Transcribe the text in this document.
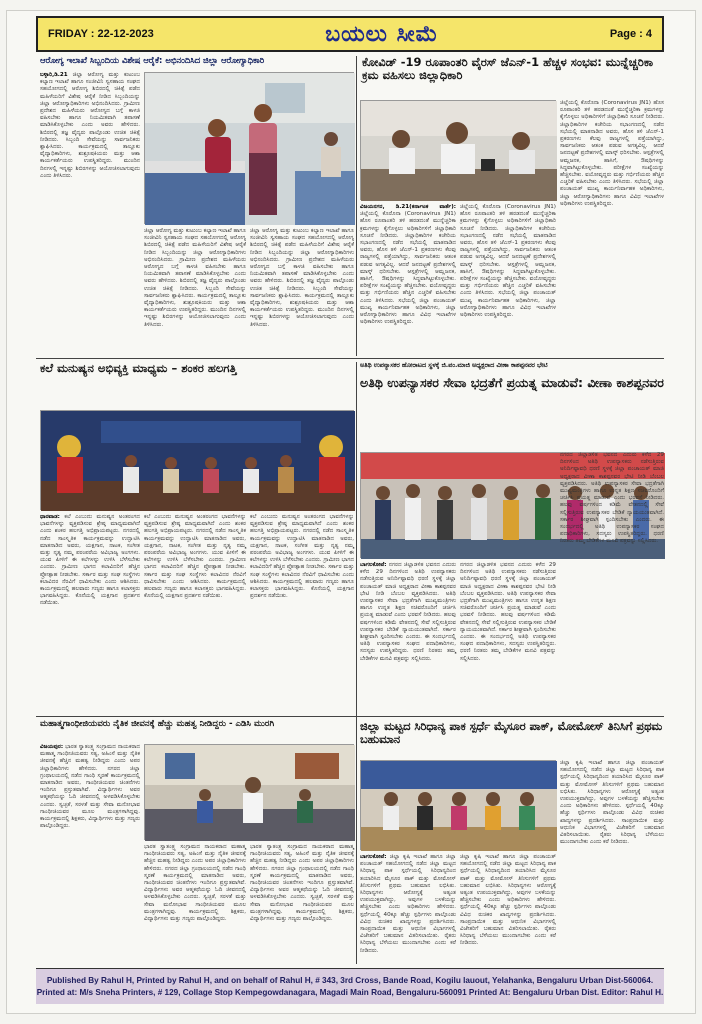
FRIDAY : 22-12-2023	ಬಯಲು ಸೀಮೆ	Page : 4
ಆರೋಗ್ಯ ಇಲಾಖೆ ಸಿಬ್ಬಂದಿಯ ವಿಶೇಷ ಆರೈಕೆ: ಅಭಿನಂದಿಸಿದ ಜಿಲ್ಲಾ ಆರೋಗ್ಯಾಧಿಕಾರಿ
ಬಳ್ಳಾರಿ,ಡಿ.21 ಜಿಲ್ಲಾ ಆರೋಗ್ಯ ಮತ್ತು ಕುಟುಂಬ ಕಲ್ಯಾಣ ಇಲಾಖೆ ಹಾಗೂ ಸಂಜೀವಿನಿ ಸ್ವಸಹಾಯ ಸಂಘದ ಸಹಯೋಗದಲ್ಲಿ ಆರೋಗ್ಯ ಶಿಬಿರದಲ್ಲಿ ಚಿಕಿತ್ಸೆ ಪಡೆದ ಮಹಿಳೆಯರಿಗೆ ವಿಶೇಷ ಆರೈಕೆ ನೀಡಿದ ಸಿಬ್ಬಂದಿಯನ್ನು ಜಿಲ್ಲಾ ಆರೋಗ್ಯಾಧಿಕಾರಿಗಳು ಅಭಿನಂದಿಸಿದರು. ಗ್ರಾಮೀಣ ಪ್ರದೇಶದ ಮಹಿಳೆಯರು ಆರೋಗ್ಯದ ಬಗ್ಗೆ ಕಾಳಜಿ ವಹಿಸಬೇಕು ಹಾಗೂ ನಿಯಮಿತವಾಗಿ ತಪಾಸಣೆ ಮಾಡಿಸಿಕೊಳ್ಳಬೇಕು ಎಂದು ಅವರು ಹೇಳಿದರು. ಶಿಬಿರದಲ್ಲಿ ತಜ್ಞ ವೈದ್ಯರು ಪಾಲ್ಗೊಂಡು ಉಚಿತ ಚಿಕಿತ್ಸೆ ನೀಡಿದರು. ಸಿಬ್ಬಂದಿ ಸೇವೆಯನ್ನು ಸಾರ್ವಜನಿಕರು ಶ್ಲಾಘಿಸಿದರು. ಕಾರ್ಯಕ್ರಮದಲ್ಲಿ ತಾಲ್ಲೂಕು ವೈದ್ಯಾಧಿಕಾರಿಗಳು, ಶುಶ್ರೂಷಕಿಯರು ಮತ್ತು ಆಶಾ ಕಾರ್ಯಕರ್ತೆಯರು ಉಪಸ್ಥಿತರಿದ್ದರು. ಮುಂದಿನ ದಿನಗಳಲ್ಲಿ ಇನ್ನಷ್ಟು ಶಿಬಿರಗಳನ್ನು ಆಯೋಜಿಸಲಾಗುವುದು ಎಂದು ತಿಳಿಸಿದರು.
ಜಿಲ್ಲಾ ಆರೋಗ್ಯ ಮತ್ತು ಕುಟುಂಬ ಕಲ್ಯಾಣ ಇಲಾಖೆ ಹಾಗೂ ಸಂಜೀವಿನಿ ಸ್ವಸಹಾಯ ಸಂಘದ ಸಹಯೋಗದಲ್ಲಿ ಆರೋಗ್ಯ ಶಿಬಿರದಲ್ಲಿ ಚಿಕಿತ್ಸೆ ಪಡೆದ ಮಹಿಳೆಯರಿಗೆ ವಿಶೇಷ ಆರೈಕೆ ನೀಡಿದ ಸಿಬ್ಬಂದಿಯನ್ನು ಜಿಲ್ಲಾ ಆರೋಗ್ಯಾಧಿಕಾರಿಗಳು ಅಭಿನಂದಿಸಿದರು. ಗ್ರಾಮೀಣ ಪ್ರದೇಶದ ಮಹಿಳೆಯರು ಆರೋಗ್ಯದ ಬಗ್ಗೆ ಕಾಳಜಿ ವಹಿಸಬೇಕು ಹಾಗೂ ನಿಯಮಿತವಾಗಿ ತಪಾಸಣೆ ಮಾಡಿಸಿಕೊಳ್ಳಬೇಕು ಎಂದು ಅವರು ಹೇಳಿದರು. ಶಿಬಿರದಲ್ಲಿ ತಜ್ಞ ವೈದ್ಯರು ಪಾಲ್ಗೊಂಡು ಉಚಿತ ಚಿಕಿತ್ಸೆ ನೀಡಿದರು. ಸಿಬ್ಬಂದಿ ಸೇವೆಯನ್ನು ಸಾರ್ವಜನಿಕರು ಶ್ಲಾಘಿಸಿದರು. ಕಾರ್ಯಕ್ರಮದಲ್ಲಿ ತಾಲ್ಲೂಕು ವೈದ್ಯಾಧಿಕಾರಿಗಳು, ಶುಶ್ರೂಷಕಿಯರು ಮತ್ತು ಆಶಾ ಕಾರ್ಯಕರ್ತೆಯರು ಉಪಸ್ಥಿತರಿದ್ದರು. ಮುಂದಿನ ದಿನಗಳಲ್ಲಿ ಇನ್ನಷ್ಟು ಶಿಬಿರಗಳನ್ನು ಆಯೋಜಿಸಲಾಗುವುದು ಎಂದು ತಿಳಿಸಿದರು.
ಜಿಲ್ಲಾ ಆರೋಗ್ಯ ಮತ್ತು ಕುಟುಂಬ ಕಲ್ಯಾಣ ಇಲಾಖೆ ಹಾಗೂ ಸಂಜೀವಿನಿ ಸ್ವಸಹಾಯ ಸಂಘದ ಸಹಯೋಗದಲ್ಲಿ ಆರೋಗ್ಯ ಶಿಬಿರದಲ್ಲಿ ಚಿಕಿತ್ಸೆ ಪಡೆದ ಮಹಿಳೆಯರಿಗೆ ವಿಶೇಷ ಆರೈಕೆ ನೀಡಿದ ಸಿಬ್ಬಂದಿಯನ್ನು ಜಿಲ್ಲಾ ಆರೋಗ್ಯಾಧಿಕಾರಿಗಳು ಅಭಿನಂದಿಸಿದರು. ಗ್ರಾಮೀಣ ಪ್ರದೇಶದ ಮಹಿಳೆಯರು ಆರೋಗ್ಯದ ಬಗ್ಗೆ ಕಾಳಜಿ ವಹಿಸಬೇಕು ಹಾಗೂ ನಿಯಮಿತವಾಗಿ ತಪಾಸಣೆ ಮಾಡಿಸಿಕೊಳ್ಳಬೇಕು ಎಂದು ಅವರು ಹೇಳಿದರು. ಶಿಬಿರದಲ್ಲಿ ತಜ್ಞ ವೈದ್ಯರು ಪಾಲ್ಗೊಂಡು ಉಚಿತ ಚಿಕಿತ್ಸೆ ನೀಡಿದರು. ಸಿಬ್ಬಂದಿ ಸೇವೆಯನ್ನು ಸಾರ್ವಜನಿಕರು ಶ್ಲಾಘಿಸಿದರು. ಕಾರ್ಯಕ್ರಮದಲ್ಲಿ ತಾಲ್ಲೂಕು ವೈದ್ಯಾಧಿಕಾರಿಗಳು, ಶುಶ್ರೂಷಕಿಯರು ಮತ್ತು ಆಶಾ ಕಾರ್ಯಕರ್ತೆಯರು ಉಪಸ್ಥಿತರಿದ್ದರು. ಮುಂದಿನ ದಿನಗಳಲ್ಲಿ ಇನ್ನಷ್ಟು ಶಿಬಿರಗಳನ್ನು ಆಯೋಜಿಸಲಾಗುವುದು ಎಂದು ತಿಳಿಸಿದರು.
ಕೋವಿಡ್ -19 ರೂಪಾಂತರಿ ವೈರಸ್ ಜೆಎನ್-1 ಹೆಚ್ಚಳ ಸಂಭವ: ಮುನ್ನೆಚ್ಚರಿಕಾ ಕ್ರಮ ವಹಿಸಲು ಜಿಲ್ಲಾಧಿಕಾರಿ
ಜಿಲ್ಲೆಯಲ್ಲಿ ಕೊರೊನಾ (Coronavirus JN1) ಹೊಸ ರೂಪಾಂತರಿ ತಳಿ ಹರಡದಂತೆ ಮುನ್ನೆಚ್ಚರಿಕಾ ಕ್ರಮಗಳನ್ನು ಕೈಗೊಳ್ಳಲು ಅಧಿಕಾರಿಗಳಿಗೆ ಜಿಲ್ಲಾಧಿಕಾರಿ ಸೂಚನೆ ನೀಡಿದರು. ಜಿಲ್ಲಾಧಿಕಾರಿಗಳ ಕಚೇರಿಯ ಸಭಾಂಗಣದಲ್ಲಿ ನಡೆದ ಸಭೆಯಲ್ಲಿ ಮಾತನಾಡಿದ ಅವರು, ಹೊಸ ತಳಿ ಜೆಎನ್-1 ಪ್ರಕರಣಗಳು ಕೆಲವು ರಾಜ್ಯಗಳಲ್ಲಿ ಪತ್ತೆಯಾಗಿದ್ದು, ಸಾರ್ವಜನಿಕರು ಆತಂಕ ಪಡುವ ಅಗತ್ಯವಿಲ್ಲ. ಆದರೆ ಜನದಟ್ಟಣೆ ಪ್ರದೇಶಗಳಲ್ಲಿ ಮಾಸ್ಕ್ ಧರಿಸಬೇಕು. ಆಸ್ಪತ್ರೆಗಳಲ್ಲಿ ಆಮ್ಲಜನಕ, ಹಾಸಿಗೆ, ಔಷಧಿಗಳನ್ನು ಸಿದ್ಧವಾಗಿಟ್ಟುಕೊಳ್ಳಬೇಕು. ಪರೀಕ್ಷೆಗಳ ಸಂಖ್ಯೆಯನ್ನು ಹೆಚ್ಚಿಸಬೇಕು. ವಯೋವೃದ್ಧರು ಮತ್ತು ಗರ್ಭಿಣಿಯರು ಹೆಚ್ಚಿನ ಎಚ್ಚರಿಕೆ ವಹಿಸಬೇಕು ಎಂದು ತಿಳಿಸಿದರು. ಸಭೆಯಲ್ಲಿ ಜಿಲ್ಲಾ ಪಂಚಾಯತ್ ಮುಖ್ಯ ಕಾರ್ಯನಿರ್ವಾಹಕ ಅಧಿಕಾರಿಗಳು, ಜಿಲ್ಲಾ ಆರೋಗ್ಯಾಧಿಕಾರಿಗಳು ಹಾಗೂ ವಿವಿಧ ಇಲಾಖೆಗಳ ಅಧಿಕಾರಿಗಳು ಉಪಸ್ಥಿತರಿದ್ದರು.
ವಿಜಯನಗರ, ಡಿ.21(ಕರ್ನಾಟಕ ವಾರ್ತೆ): ಜಿಲ್ಲೆಯಲ್ಲಿ ಕೊರೊನಾ (Coronavirus JN1) ಹೊಸ ರೂಪಾಂತರಿ ತಳಿ ಹರಡದಂತೆ ಮುನ್ನೆಚ್ಚರಿಕಾ ಕ್ರಮಗಳನ್ನು ಕೈಗೊಳ್ಳಲು ಅಧಿಕಾರಿಗಳಿಗೆ ಜಿಲ್ಲಾಧಿಕಾರಿ ಸೂಚನೆ ನೀಡಿದರು. ಜಿಲ್ಲಾಧಿಕಾರಿಗಳ ಕಚೇರಿಯ ಸಭಾಂಗಣದಲ್ಲಿ ನಡೆದ ಸಭೆಯಲ್ಲಿ ಮಾತನಾಡಿದ ಅವರು, ಹೊಸ ತಳಿ ಜೆಎನ್-1 ಪ್ರಕರಣಗಳು ಕೆಲವು ರಾಜ್ಯಗಳಲ್ಲಿ ಪತ್ತೆಯಾಗಿದ್ದು, ಸಾರ್ವಜನಿಕರು ಆತಂಕ ಪಡುವ ಅಗತ್ಯವಿಲ್ಲ. ಆದರೆ ಜನದಟ್ಟಣೆ ಪ್ರದೇಶಗಳಲ್ಲಿ ಮಾಸ್ಕ್ ಧರಿಸಬೇಕು. ಆಸ್ಪತ್ರೆಗಳಲ್ಲಿ ಆಮ್ಲಜನಕ, ಹಾಸಿಗೆ, ಔಷಧಿಗಳನ್ನು ಸಿದ್ಧವಾಗಿಟ್ಟುಕೊಳ್ಳಬೇಕು. ಪರೀಕ್ಷೆಗಳ ಸಂಖ್ಯೆಯನ್ನು ಹೆಚ್ಚಿಸಬೇಕು. ವಯೋವೃದ್ಧರು ಮತ್ತು ಗರ್ಭಿಣಿಯರು ಹೆಚ್ಚಿನ ಎಚ್ಚರಿಕೆ ವಹಿಸಬೇಕು ಎಂದು ತಿಳಿಸಿದರು. ಸಭೆಯಲ್ಲಿ ಜಿಲ್ಲಾ ಪಂಚಾಯತ್ ಮುಖ್ಯ ಕಾರ್ಯನಿರ್ವಾಹಕ ಅಧಿಕಾರಿಗಳು, ಜಿಲ್ಲಾ ಆರೋಗ್ಯಾಧಿಕಾರಿಗಳು ಹಾಗೂ ವಿವಿಧ ಇಲಾಖೆಗಳ ಅಧಿಕಾರಿಗಳು ಉಪಸ್ಥಿತರಿದ್ದರು.
ಜಿಲ್ಲೆಯಲ್ಲಿ ಕೊರೊನಾ (Coronavirus JN1) ಹೊಸ ರೂಪಾಂತರಿ ತಳಿ ಹರಡದಂತೆ ಮುನ್ನೆಚ್ಚರಿಕಾ ಕ್ರಮಗಳನ್ನು ಕೈಗೊಳ್ಳಲು ಅಧಿಕಾರಿಗಳಿಗೆ ಜಿಲ್ಲಾಧಿಕಾರಿ ಸೂಚನೆ ನೀಡಿದರು. ಜಿಲ್ಲಾಧಿಕಾರಿಗಳ ಕಚೇರಿಯ ಸಭಾಂಗಣದಲ್ಲಿ ನಡೆದ ಸಭೆಯಲ್ಲಿ ಮಾತನಾಡಿದ ಅವರು, ಹೊಸ ತಳಿ ಜೆಎನ್-1 ಪ್ರಕರಣಗಳು ಕೆಲವು ರಾಜ್ಯಗಳಲ್ಲಿ ಪತ್ತೆಯಾಗಿದ್ದು, ಸಾರ್ವಜನಿಕರು ಆತಂಕ ಪಡುವ ಅಗತ್ಯವಿಲ್ಲ. ಆದರೆ ಜನದಟ್ಟಣೆ ಪ್ರದೇಶಗಳಲ್ಲಿ ಮಾಸ್ಕ್ ಧರಿಸಬೇಕು. ಆಸ್ಪತ್ರೆಗಳಲ್ಲಿ ಆಮ್ಲಜನಕ, ಹಾಸಿಗೆ, ಔಷಧಿಗಳನ್ನು ಸಿದ್ಧವಾಗಿಟ್ಟುಕೊಳ್ಳಬೇಕು. ಪರೀಕ್ಷೆಗಳ ಸಂಖ್ಯೆಯನ್ನು ಹೆಚ್ಚಿಸಬೇಕು. ವಯೋವೃದ್ಧರು ಮತ್ತು ಗರ್ಭಿಣಿಯರು ಹೆಚ್ಚಿನ ಎಚ್ಚರಿಕೆ ವಹಿಸಬೇಕು ಎಂದು ತಿಳಿಸಿದರು. ಸಭೆಯಲ್ಲಿ ಜಿಲ್ಲಾ ಪಂಚಾಯತ್ ಮುಖ್ಯ ಕಾರ್ಯನಿರ್ವಾಹಕ ಅಧಿಕಾರಿಗಳು, ಜಿಲ್ಲಾ ಆರೋಗ್ಯಾಧಿಕಾರಿಗಳು ಹಾಗೂ ವಿವಿಧ ಇಲಾಖೆಗಳ ಅಧಿಕಾರಿಗಳು ಉಪಸ್ಥಿತರಿದ್ದರು.
ಕಲೆ ಮನುಷ್ಯನ ಅಭಿವ್ಯಕ್ತಿ ಮಾಧ್ಯಮ – ಶಂಕರ ಹಲಗತ್ತಿ
ಧಾರವಾಡ: ಕಲೆ ಎಂಬುದು ಮನುಷ್ಯನ ಅಂತರಂಗದ ಭಾವನೆಗಳನ್ನು ವ್ಯಕ್ತಪಡಿಸುವ ಶ್ರೇಷ್ಠ ಮಾಧ್ಯಮವಾಗಿದೆ ಎಂದು ಶಂಕರ ಹಲಗತ್ತಿ ಅಭಿಪ್ರಾಯಪಟ್ಟರು. ನಗರದಲ್ಲಿ ನಡೆದ ಸಾಂಸ್ಕೃತಿಕ ಕಾರ್ಯಕ್ರಮವನ್ನು ಉದ್ಘಾಟಿಸಿ ಮಾತನಾಡಿದ ಅವರು, ಯಕ್ಷಗಾನ, ನಾಟಕ, ಸಂಗೀತ ಮತ್ತು ನೃತ್ಯ ನಮ್ಮ ಪರಂಪರೆಯ ಅವಿಭಾಜ್ಯ ಅಂಗಗಳು. ಯುವ ಪೀಳಿಗೆ ಈ ಕಲೆಗಳನ್ನು ಉಳಿಸಿ ಬೆಳೆಸಬೇಕು ಎಂದರು. ಗ್ರಾಮೀಣ ಭಾಗದ ಕಲಾವಿದರಿಗೆ ಹೆಚ್ಚಿನ ಪ್ರೋತ್ಸಾಹ ನೀಡಬೇಕು. ಸರ್ಕಾರ ಮತ್ತು ಸಂಘ ಸಂಸ್ಥೆಗಳು ಕಲಾವಿದರ ನೆರವಿಗೆ ಧಾವಿಸಬೇಕು ಎಂದು ಆಶಿಸಿದರು. ಕಾರ್ಯಕ್ರಮದಲ್ಲಿ ಹಲವಾರು ಗಣ್ಯರು ಹಾಗೂ ಕಲಾಸಕ್ತರು ಭಾಗವಹಿಸಿದ್ದರು. ಕೊನೆಯಲ್ಲಿ ಯಕ್ಷಗಾನ ಪ್ರದರ್ಶನ ನಡೆಯಿತು.
ಕಲೆ ಎಂಬುದು ಮನುಷ್ಯನ ಅಂತರಂಗದ ಭಾವನೆಗಳನ್ನು ವ್ಯಕ್ತಪಡಿಸುವ ಶ್ರೇಷ್ಠ ಮಾಧ್ಯಮವಾಗಿದೆ ಎಂದು ಶಂಕರ ಹಲಗತ್ತಿ ಅಭಿಪ್ರಾಯಪಟ್ಟರು. ನಗರದಲ್ಲಿ ನಡೆದ ಸಾಂಸ್ಕೃತಿಕ ಕಾರ್ಯಕ್ರಮವನ್ನು ಉದ್ಘಾಟಿಸಿ ಮಾತನಾಡಿದ ಅವರು, ಯಕ್ಷಗಾನ, ನಾಟಕ, ಸಂಗೀತ ಮತ್ತು ನೃತ್ಯ ನಮ್ಮ ಪರಂಪರೆಯ ಅವಿಭಾಜ್ಯ ಅಂಗಗಳು. ಯುವ ಪೀಳಿಗೆ ಈ ಕಲೆಗಳನ್ನು ಉಳಿಸಿ ಬೆಳೆಸಬೇಕು ಎಂದರು. ಗ್ರಾಮೀಣ ಭಾಗದ ಕಲಾವಿದರಿಗೆ ಹೆಚ್ಚಿನ ಪ್ರೋತ್ಸಾಹ ನೀಡಬೇಕು. ಸರ್ಕಾರ ಮತ್ತು ಸಂಘ ಸಂಸ್ಥೆಗಳು ಕಲಾವಿದರ ನೆರವಿಗೆ ಧಾವಿಸಬೇಕು ಎಂದು ಆಶಿಸಿದರು. ಕಾರ್ಯಕ್ರಮದಲ್ಲಿ ಹಲವಾರು ಗಣ್ಯರು ಹಾಗೂ ಕಲಾಸಕ್ತರು ಭಾಗವಹಿಸಿದ್ದರು. ಕೊನೆಯಲ್ಲಿ ಯಕ್ಷಗಾನ ಪ್ರದರ್ಶನ ನಡೆಯಿತು.
ಕಲೆ ಎಂಬುದು ಮನುಷ್ಯನ ಅಂತರಂಗದ ಭಾವನೆಗಳನ್ನು ವ್ಯಕ್ತಪಡಿಸುವ ಶ್ರೇಷ್ಠ ಮಾಧ್ಯಮವಾಗಿದೆ ಎಂದು ಶಂಕರ ಹಲಗತ್ತಿ ಅಭಿಪ್ರಾಯಪಟ್ಟರು. ನಗರದಲ್ಲಿ ನಡೆದ ಸಾಂಸ್ಕೃತಿಕ ಕಾರ್ಯಕ್ರಮವನ್ನು ಉದ್ಘಾಟಿಸಿ ಮಾತನಾಡಿದ ಅವರು, ಯಕ್ಷಗಾನ, ನಾಟಕ, ಸಂಗೀತ ಮತ್ತು ನೃತ್ಯ ನಮ್ಮ ಪರಂಪರೆಯ ಅವಿಭಾಜ್ಯ ಅಂಗಗಳು. ಯುವ ಪೀಳಿಗೆ ಈ ಕಲೆಗಳನ್ನು ಉಳಿಸಿ ಬೆಳೆಸಬೇಕು ಎಂದರು. ಗ್ರಾಮೀಣ ಭಾಗದ ಕಲಾವಿದರಿಗೆ ಹೆಚ್ಚಿನ ಪ್ರೋತ್ಸಾಹ ನೀಡಬೇಕು. ಸರ್ಕಾರ ಮತ್ತು ಸಂಘ ಸಂಸ್ಥೆಗಳು ಕಲಾವಿದರ ನೆರವಿಗೆ ಧಾವಿಸಬೇಕು ಎಂದು ಆಶಿಸಿದರು. ಕಾರ್ಯಕ್ರಮದಲ್ಲಿ ಹಲವಾರು ಗಣ್ಯರು ಹಾಗೂ ಕಲಾಸಕ್ತರು ಭಾಗವಹಿಸಿದ್ದರು. ಕೊನೆಯಲ್ಲಿ ಯಕ್ಷಗಾನ ಪ್ರದರ್ಶನ ನಡೆಯಿತು.
ಅತಿಥಿ ಉಪನ್ಯಾಸಕರ ಹೋರಾಟದ ಸ್ಥಳಕ್ಕೆ ಜಿ.ಪಂ.ಮಾಜಿ ಅಧ್ಯಕ್ಷರಾದ ವೀಣಾ ಕಾಶಪ್ಪನವರ ಭೇಟಿ
ಅತಿಥಿ ಉಪನ್ಯಾಸಕರ ಸೇವಾ ಭದ್ರತೆಗೆ ಪ್ರಯತ್ನ ಮಾಡುವೆ: ವೀಣಾ ಕಾಶಪ್ಪನವರ
ಬಾಗಲಕೋಟೆ: ನಗರದ ಜಿಲ್ಲಾಡಳಿತ ಭವನದ ಎದುರು ಕಳೆದ 29 ದಿನಗಳಿಂದ ಅತಿಥಿ ಉಪನ್ಯಾಸಕರು ನಡೆಸುತ್ತಿರುವ ಅನಿರ್ದಿಷ್ಟಾವಧಿ ಧರಣಿ ಸ್ಥಳಕ್ಕೆ ಜಿಲ್ಲಾ ಪಂಚಾಯತ್ ಮಾಜಿ ಅಧ್ಯಕ್ಷರಾದ ವೀಣಾ ಕಾಶಪ್ಪನವರ ಭೇಟಿ ನೀಡಿ ಬೆಂಬಲ ವ್ಯಕ್ತಪಡಿಸಿದರು. ಅತಿಥಿ ಉಪನ್ಯಾಸಕರ ಸೇವಾ ಭದ್ರತೆಗಾಗಿ ಮುಖ್ಯಮಂತ್ರಿಗಳು ಹಾಗೂ ಉನ್ನತ ಶಿಕ್ಷಣ ಸಚಿವರೊಂದಿಗೆ ಚರ್ಚಿಸಿ ಪ್ರಯತ್ನ ಮಾಡುವೆ ಎಂದು ಭರವಸೆ ನೀಡಿದರು. ಹಲವು ವರ್ಷಗಳಿಂದ ಕಡಿಮೆ ವೇತನದಲ್ಲಿ ಸೇವೆ ಸಲ್ಲಿಸುತ್ತಿರುವ ಉಪನ್ಯಾಸಕರ ಬೇಡಿಕೆ ನ್ಯಾಯಯುತವಾಗಿದೆ. ಸರ್ಕಾರ ಶೀಘ್ರವಾಗಿ ಸ್ಪಂದಿಸಬೇಕು ಎಂದರು. ಈ ಸಂದರ್ಭದಲ್ಲಿ ಅತಿಥಿ ಉಪನ್ಯಾಸಕರ ಸಂಘದ ಪದಾಧಿಕಾರಿಗಳು, ಸದಸ್ಯರು ಉಪಸ್ಥಿತರಿದ್ದರು. ಧರಣಿ ನಿರತರು ತಮ್ಮ ಬೇಡಿಕೆಗಳ ಮನವಿ ಪತ್ರವನ್ನು ಸಲ್ಲಿಸಿದರು.
ನಗರದ ಜಿಲ್ಲಾಡಳಿತ ಭವನದ ಎದುರು ಕಳೆದ 29 ದಿನಗಳಿಂದ ಅತಿಥಿ ಉಪನ್ಯಾಸಕರು ನಡೆಸುತ್ತಿರುವ ಅನಿರ್ದಿಷ್ಟಾವಧಿ ಧರಣಿ ಸ್ಥಳಕ್ಕೆ ಜಿಲ್ಲಾ ಪಂಚಾಯತ್ ಮಾಜಿ ಅಧ್ಯಕ್ಷರಾದ ವೀಣಾ ಕಾಶಪ್ಪನವರ ಭೇಟಿ ನೀಡಿ ಬೆಂಬಲ ವ್ಯಕ್ತಪಡಿಸಿದರು. ಅತಿಥಿ ಉಪನ್ಯಾಸಕರ ಸೇವಾ ಭದ್ರತೆಗಾಗಿ ಮುಖ್ಯಮಂತ್ರಿಗಳು ಹಾಗೂ ಉನ್ನತ ಶಿಕ್ಷಣ ಸಚಿವರೊಂದಿಗೆ ಚರ್ಚಿಸಿ ಪ್ರಯತ್ನ ಮಾಡುವೆ ಎಂದು ಭರವಸೆ ನೀಡಿದರು. ಹಲವು ವರ್ಷಗಳಿಂದ ಕಡಿಮೆ ವೇತನದಲ್ಲಿ ಸೇವೆ ಸಲ್ಲಿಸುತ್ತಿರುವ ಉಪನ್ಯಾಸಕರ ಬೇಡಿಕೆ ನ್ಯಾಯಯುತವಾಗಿದೆ. ಸರ್ಕಾರ ಶೀಘ್ರವಾಗಿ ಸ್ಪಂದಿಸಬೇಕು ಎಂದರು. ಈ ಸಂದರ್ಭದಲ್ಲಿ ಅತಿಥಿ ಉಪನ್ಯಾಸಕರ ಸಂಘದ ಪದಾಧಿಕಾರಿಗಳು, ಸದಸ್ಯರು ಉಪಸ್ಥಿತರಿದ್ದರು. ಧರಣಿ ನಿರತರು ತಮ್ಮ ಬೇಡಿಕೆಗಳ ಮನವಿ ಪತ್ರವನ್ನು ಸಲ್ಲಿಸಿದರು.
ನಗರದ ಜಿಲ್ಲಾಡಳಿತ ಭವನದ ಎದುರು ಕಳೆದ 29 ದಿನಗಳಿಂದ ಅತಿಥಿ ಉಪನ್ಯಾಸಕರು ನಡೆಸುತ್ತಿರುವ ಅನಿರ್ದಿಷ್ಟಾವಧಿ ಧರಣಿ ಸ್ಥಳಕ್ಕೆ ಜಿಲ್ಲಾ ಪಂಚಾಯತ್ ಮಾಜಿ ಅಧ್ಯಕ್ಷರಾದ ವೀಣಾ ಕಾಶಪ್ಪನವರ ಭೇಟಿ ನೀಡಿ ಬೆಂಬಲ ವ್ಯಕ್ತಪಡಿಸಿದರು. ಅತಿಥಿ ಉಪನ್ಯಾಸಕರ ಸೇವಾ ಭದ್ರತೆಗಾಗಿ ಮುಖ್ಯಮಂತ್ರಿಗಳು ಹಾಗೂ ಉನ್ನತ ಶಿಕ್ಷಣ ಸಚಿವರೊಂದಿಗೆ ಚರ್ಚಿಸಿ ಪ್ರಯತ್ನ ಮಾಡುವೆ ಎಂದು ಭರವಸೆ ನೀಡಿದರು. ಹಲವು ವರ್ಷಗಳಿಂದ ಕಡಿಮೆ ವೇತನದಲ್ಲಿ ಸೇವೆ ಸಲ್ಲಿಸುತ್ತಿರುವ ಉಪನ್ಯಾಸಕರ ಬೇಡಿಕೆ ನ್ಯಾಯಯುತವಾಗಿದೆ. ಸರ್ಕಾರ ಶೀಘ್ರವಾಗಿ ಸ್ಪಂದಿಸಬೇಕು ಎಂದರು. ಈ ಸಂದರ್ಭದಲ್ಲಿ ಅತಿಥಿ ಉಪನ್ಯಾಸಕರ ಸಂಘದ ಪದಾಧಿಕಾರಿಗಳು, ಸದಸ್ಯರು ಉಪಸ್ಥಿತರಿದ್ದರು. ಧರಣಿ ನಿರತರು ತಮ್ಮ ಬೇಡಿಕೆಗಳ ಮನವಿ ಪತ್ರವನ್ನು ಸಲ್ಲಿಸಿದರು.
ಮಹಾತ್ಮಗಾಂಧೀಜಿಯವರು ನೈತಿಕ ಜೀವನಕ್ಕೆ ಹೆಚ್ಚು ಮಹತ್ವ ನೀಡಿದ್ದರು - ಎಡಿಸಿ ಮುರಗಿ
ವಿಜಯಪುರ: ಭಾರತ ಸ್ವಾತಂತ್ರ್ಯ ಸಂಗ್ರಾಮದ ನಾಯಕರಾದ ಮಹಾತ್ಮ ಗಾಂಧೀಜಿಯವರು ಸತ್ಯ, ಅಹಿಂಸೆ ಮತ್ತು ನೈತಿಕ ಜೀವನಕ್ಕೆ ಹೆಚ್ಚಿನ ಮಹತ್ವ ನೀಡಿದ್ದರು ಎಂದು ಅಪರ ಜಿಲ್ಲಾಧಿಕಾರಿಗಳು ಹೇಳಿದರು. ನಗರದ ಜಿಲ್ಲಾ ಗ್ರಂಥಾಲಯದಲ್ಲಿ ನಡೆದ ಗಾಂಧಿ ಸ್ಮರಣೆ ಕಾರ್ಯಕ್ರಮದಲ್ಲಿ ಮಾತನಾಡಿದ ಅವರು, ಗಾಂಧೀಜಿಯವರ ಚಿಂತನೆಗಳು ಇಂದಿಗೂ ಪ್ರಸ್ತುತವಾಗಿವೆ. ವಿದ್ಯಾರ್ಥಿಗಳು ಅವರ ಆತ್ಮಕಥೆಯನ್ನು ಓದಿ ಜೀವನದಲ್ಲಿ ಅಳವಡಿಸಿಕೊಳ್ಳಬೇಕು ಎಂದರು. ಸ್ವಚ್ಛತೆ, ಸರಳತೆ ಮತ್ತು ಸೇವಾ ಮನೋಭಾವ ಗಾಂಧೀಜಿಯವರ ಮೂಲ ಮಂತ್ರಗಳಾಗಿದ್ದವು. ಕಾರ್ಯಕ್ರಮದಲ್ಲಿ ಶಿಕ್ಷಕರು, ವಿದ್ಯಾರ್ಥಿಗಳು ಮತ್ತು ಗಣ್ಯರು ಪಾಲ್ಗೊಂಡಿದ್ದರು.
ಭಾರತ ಸ್ವಾತಂತ್ರ್ಯ ಸಂಗ್ರಾಮದ ನಾಯಕರಾದ ಮಹಾತ್ಮ ಗಾಂಧೀಜಿಯವರು ಸತ್ಯ, ಅಹಿಂಸೆ ಮತ್ತು ನೈತಿಕ ಜೀವನಕ್ಕೆ ಹೆಚ್ಚಿನ ಮಹತ್ವ ನೀಡಿದ್ದರು ಎಂದು ಅಪರ ಜಿಲ್ಲಾಧಿಕಾರಿಗಳು ಹೇಳಿದರು. ನಗರದ ಜಿಲ್ಲಾ ಗ್ರಂಥಾಲಯದಲ್ಲಿ ನಡೆದ ಗಾಂಧಿ ಸ್ಮರಣೆ ಕಾರ್ಯಕ್ರಮದಲ್ಲಿ ಮಾತನಾಡಿದ ಅವರು, ಗಾಂಧೀಜಿಯವರ ಚಿಂತನೆಗಳು ಇಂದಿಗೂ ಪ್ರಸ್ತುತವಾಗಿವೆ. ವಿದ್ಯಾರ್ಥಿಗಳು ಅವರ ಆತ್ಮಕಥೆಯನ್ನು ಓದಿ ಜೀವನದಲ್ಲಿ ಅಳವಡಿಸಿಕೊಳ್ಳಬೇಕು ಎಂದರು. ಸ್ವಚ್ಛತೆ, ಸರಳತೆ ಮತ್ತು ಸೇವಾ ಮನೋಭಾವ ಗಾಂಧೀಜಿಯವರ ಮೂಲ ಮಂತ್ರಗಳಾಗಿದ್ದವು. ಕಾರ್ಯಕ್ರಮದಲ್ಲಿ ಶಿಕ್ಷಕರು, ವಿದ್ಯಾರ್ಥಿಗಳು ಮತ್ತು ಗಣ್ಯರು ಪಾಲ್ಗೊಂಡಿದ್ದರು.
ಭಾರತ ಸ್ವಾತಂತ್ರ್ಯ ಸಂಗ್ರಾಮದ ನಾಯಕರಾದ ಮಹಾತ್ಮ ಗಾಂಧೀಜಿಯವರು ಸತ್ಯ, ಅಹಿಂಸೆ ಮತ್ತು ನೈತಿಕ ಜೀವನಕ್ಕೆ ಹೆಚ್ಚಿನ ಮಹತ್ವ ನೀಡಿದ್ದರು ಎಂದು ಅಪರ ಜಿಲ್ಲಾಧಿಕಾರಿಗಳು ಹೇಳಿದರು. ನಗರದ ಜಿಲ್ಲಾ ಗ್ರಂಥಾಲಯದಲ್ಲಿ ನಡೆದ ಗಾಂಧಿ ಸ್ಮರಣೆ ಕಾರ್ಯಕ್ರಮದಲ್ಲಿ ಮಾತನಾಡಿದ ಅವರು, ಗಾಂಧೀಜಿಯವರ ಚಿಂತನೆಗಳು ಇಂದಿಗೂ ಪ್ರಸ್ತುತವಾಗಿವೆ. ವಿದ್ಯಾರ್ಥಿಗಳು ಅವರ ಆತ್ಮಕಥೆಯನ್ನು ಓದಿ ಜೀವನದಲ್ಲಿ ಅಳವಡಿಸಿಕೊಳ್ಳಬೇಕು ಎಂದರು. ಸ್ವಚ್ಛತೆ, ಸರಳತೆ ಮತ್ತು ಸೇವಾ ಮನೋಭಾವ ಗಾಂಧೀಜಿಯವರ ಮೂಲ ಮಂತ್ರಗಳಾಗಿದ್ದವು. ಕಾರ್ಯಕ್ರಮದಲ್ಲಿ ಶಿಕ್ಷಕರು, ವಿದ್ಯಾರ್ಥಿಗಳು ಮತ್ತು ಗಣ್ಯರು ಪಾಲ್ಗೊಂಡಿದ್ದರು.
ಜಿಲ್ಲಾ ಮಟ್ಟದ ಸಿರಿಧಾನ್ಯ ಪಾಕ ಸ್ಪರ್ಧೆ ಮೈಸೂರ ಪಾಕ್, ಮೋಮೋಸ್ ತಿನಿಸಿಗೆ ಪ್ರಥಮ ಬಹುಮಾನ
ಜಿಲ್ಲಾ ಕೃಷಿ ಇಲಾಖೆ ಹಾಗೂ ಜಿಲ್ಲಾ ಪಂಚಾಯತ್ ಸಹಯೋಗದಲ್ಲಿ ನಡೆದ ಜಿಲ್ಲಾ ಮಟ್ಟದ ಸಿರಿಧಾನ್ಯ ಪಾಕ ಸ್ಪರ್ಧೆಯಲ್ಲಿ ಸಿರಿಧಾನ್ಯದಿಂದ ತಯಾರಿಸಿದ ಮೈಸೂರ ಪಾಕ್ ಮತ್ತು ಮೋಮೋಸ್ ತಿನಿಸುಗಳಿಗೆ ಪ್ರಥಮ ಬಹುಮಾನ ಲಭಿಸಿತು. ಸಿರಿಧಾನ್ಯಗಳು ಆರೋಗ್ಯಕ್ಕೆ ಅತ್ಯಂತ ಉಪಯುಕ್ತವಾಗಿದ್ದು, ಅವುಗಳ ಬಳಕೆಯನ್ನು ಹೆಚ್ಚಿಸಬೇಕು ಎಂದು ಅಧಿಕಾರಿಗಳು ಹೇಳಿದರು. ಸ್ಪರ್ಧೆಯಲ್ಲಿ 40ಕ್ಕೂ ಹೆಚ್ಚು ಸ್ಪರ್ಧಿಗಳು ಪಾಲ್ಗೊಂಡು ವಿವಿಧ ರುಚಿಕರ ಖಾದ್ಯಗಳನ್ನು ಪ್ರದರ್ಶಿಸಿದರು. ಸಾಂಪ್ರದಾಯಿಕ ಮತ್ತು ಆಧುನಿಕ ವಿಭಾಗಗಳಲ್ಲಿ ವಿಜೇತರಿಗೆ ಬಹುಮಾನ ವಿತರಿಸಲಾಯಿತು. ರೈತರು ಸಿರಿಧಾನ್ಯ ಬೆಳೆಯಲು ಮುಂದಾಗಬೇಕು ಎಂದು ಕರೆ ನೀಡಿದರು.
ಬಾಗಲಕೋಟೆ: ಜಿಲ್ಲಾ ಕೃಷಿ ಇಲಾಖೆ ಹಾಗೂ ಜಿಲ್ಲಾ ಪಂಚಾಯತ್ ಸಹಯೋಗದಲ್ಲಿ ನಡೆದ ಜಿಲ್ಲಾ ಮಟ್ಟದ ಸಿರಿಧಾನ್ಯ ಪಾಕ ಸ್ಪರ್ಧೆಯಲ್ಲಿ ಸಿರಿಧಾನ್ಯದಿಂದ ತಯಾರಿಸಿದ ಮೈಸೂರ ಪಾಕ್ ಮತ್ತು ಮೋಮೋಸ್ ತಿನಿಸುಗಳಿಗೆ ಪ್ರಥಮ ಬಹುಮಾನ ಲಭಿಸಿತು. ಸಿರಿಧಾನ್ಯಗಳು ಆರೋಗ್ಯಕ್ಕೆ ಅತ್ಯಂತ ಉಪಯುಕ್ತವಾಗಿದ್ದು, ಅವುಗಳ ಬಳಕೆಯನ್ನು ಹೆಚ್ಚಿಸಬೇಕು ಎಂದು ಅಧಿಕಾರಿಗಳು ಹೇಳಿದರು. ಸ್ಪರ್ಧೆಯಲ್ಲಿ 40ಕ್ಕೂ ಹೆಚ್ಚು ಸ್ಪರ್ಧಿಗಳು ಪಾಲ್ಗೊಂಡು ವಿವಿಧ ರುಚಿಕರ ಖಾದ್ಯಗಳನ್ನು ಪ್ರದರ್ಶಿಸಿದರು. ಸಾಂಪ್ರದಾಯಿಕ ಮತ್ತು ಆಧುನಿಕ ವಿಭಾಗಗಳಲ್ಲಿ ವಿಜೇತರಿಗೆ ಬಹುಮಾನ ವಿತರಿಸಲಾಯಿತು. ರೈತರು ಸಿರಿಧಾನ್ಯ ಬೆಳೆಯಲು ಮುಂದಾಗಬೇಕು ಎಂದು ಕರೆ ನೀಡಿದರು.
ಜಿಲ್ಲಾ ಕೃಷಿ ಇಲಾಖೆ ಹಾಗೂ ಜಿಲ್ಲಾ ಪಂಚಾಯತ್ ಸಹಯೋಗದಲ್ಲಿ ನಡೆದ ಜಿಲ್ಲಾ ಮಟ್ಟದ ಸಿರಿಧಾನ್ಯ ಪಾಕ ಸ್ಪರ್ಧೆಯಲ್ಲಿ ಸಿರಿಧಾನ್ಯದಿಂದ ತಯಾರಿಸಿದ ಮೈಸೂರ ಪಾಕ್ ಮತ್ತು ಮೋಮೋಸ್ ತಿನಿಸುಗಳಿಗೆ ಪ್ರಥಮ ಬಹುಮಾನ ಲಭಿಸಿತು. ಸಿರಿಧಾನ್ಯಗಳು ಆರೋಗ್ಯಕ್ಕೆ ಅತ್ಯಂತ ಉಪಯುಕ್ತವಾಗಿದ್ದು, ಅವುಗಳ ಬಳಕೆಯನ್ನು ಹೆಚ್ಚಿಸಬೇಕು ಎಂದು ಅಧಿಕಾರಿಗಳು ಹೇಳಿದರು. ಸ್ಪರ್ಧೆಯಲ್ಲಿ 40ಕ್ಕೂ ಹೆಚ್ಚು ಸ್ಪರ್ಧಿಗಳು ಪಾಲ್ಗೊಂಡು ವಿವಿಧ ರುಚಿಕರ ಖಾದ್ಯಗಳನ್ನು ಪ್ರದರ್ಶಿಸಿದರು. ಸಾಂಪ್ರದಾಯಿಕ ಮತ್ತು ಆಧುನಿಕ ವಿಭಾಗಗಳಲ್ಲಿ ವಿಜೇತರಿಗೆ ಬಹುಮಾನ ವಿತರಿಸಲಾಯಿತು. ರೈತರು ಸಿರಿಧಾನ್ಯ ಬೆಳೆಯಲು ಮುಂದಾಗಬೇಕು ಎಂದು ಕರೆ ನೀಡಿದರು.
Published By Rahul H, Printed by Rahul H, and on behalf of Rahul H, # 343, 3rd Cross, Bande Road, Kogilu lauout, Yelahanka, Bengaluru Urban Dist-560064.
Printed at: M/s Sneha Printers, # 129, Collage Stop Kempegowdanagara, Magadi Main Road, Bengaluru-560091 Printed At: Bengaluru Urban Dist. Editor: Rahul H.
